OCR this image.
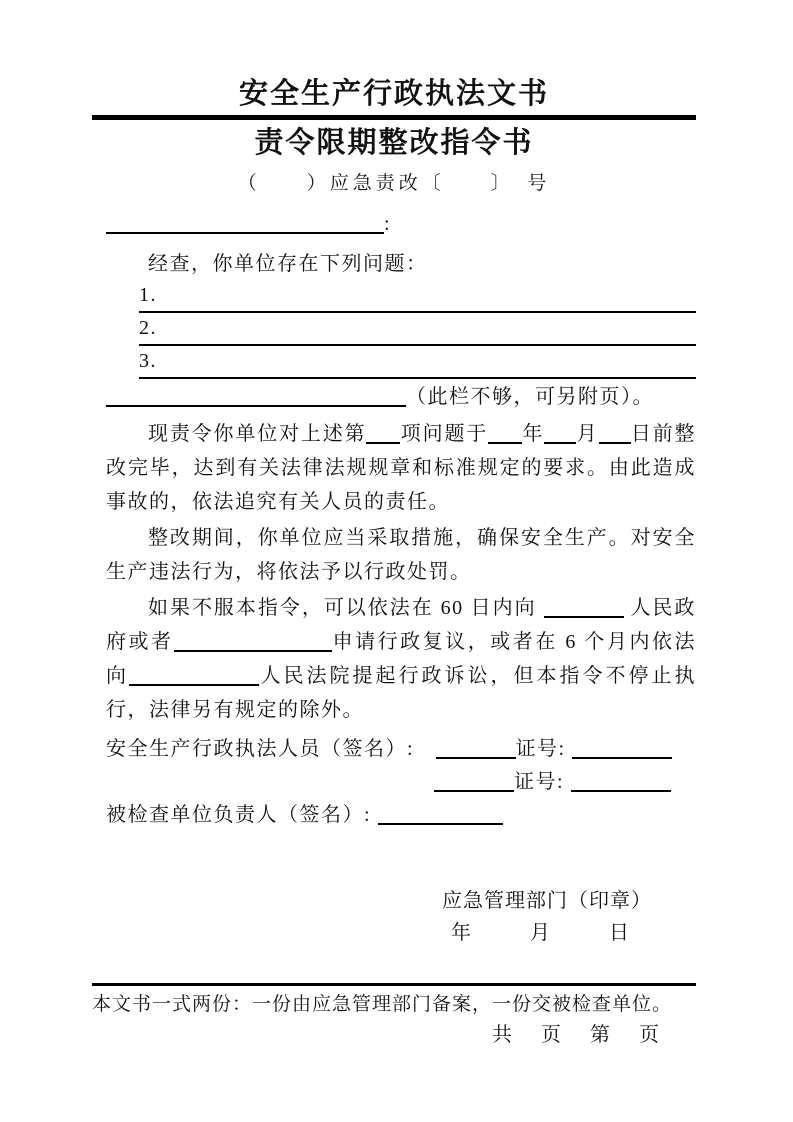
安全生产行政执法文书
责令限期整改指令书
（　　）应急责改〔　　〕　号
:

经查，你单位存在下列问题：

1.
2.
3.
（此栏不够，可另附页）。

现责令你单位对上述第 项问题于 年 月 日前整改完毕，达到有关法律法规规章和标准规定的要求。由此造成事故的，依法追究有关人员的责任。

整改期间，你单位应当采取措施，确保安全生产。对安全生产违法行为，将依法予以行政处罚。

如果不服本指令，可以依法在 60 日内向	人民政府或者	申请行政复议，或者在 6 个月内依法向	人民法院提起行政诉讼，但本指令不停止执行，法律另有规定的除外。

安全生产行政执法人员（签名）:　	证号:
证号:
被检查单位负责人（签名）:
应急管理部门（印章）
年	月	日
本文书一式两份：一份由应急管理部门备案，一份交被检查单位。
共 页 第 页
